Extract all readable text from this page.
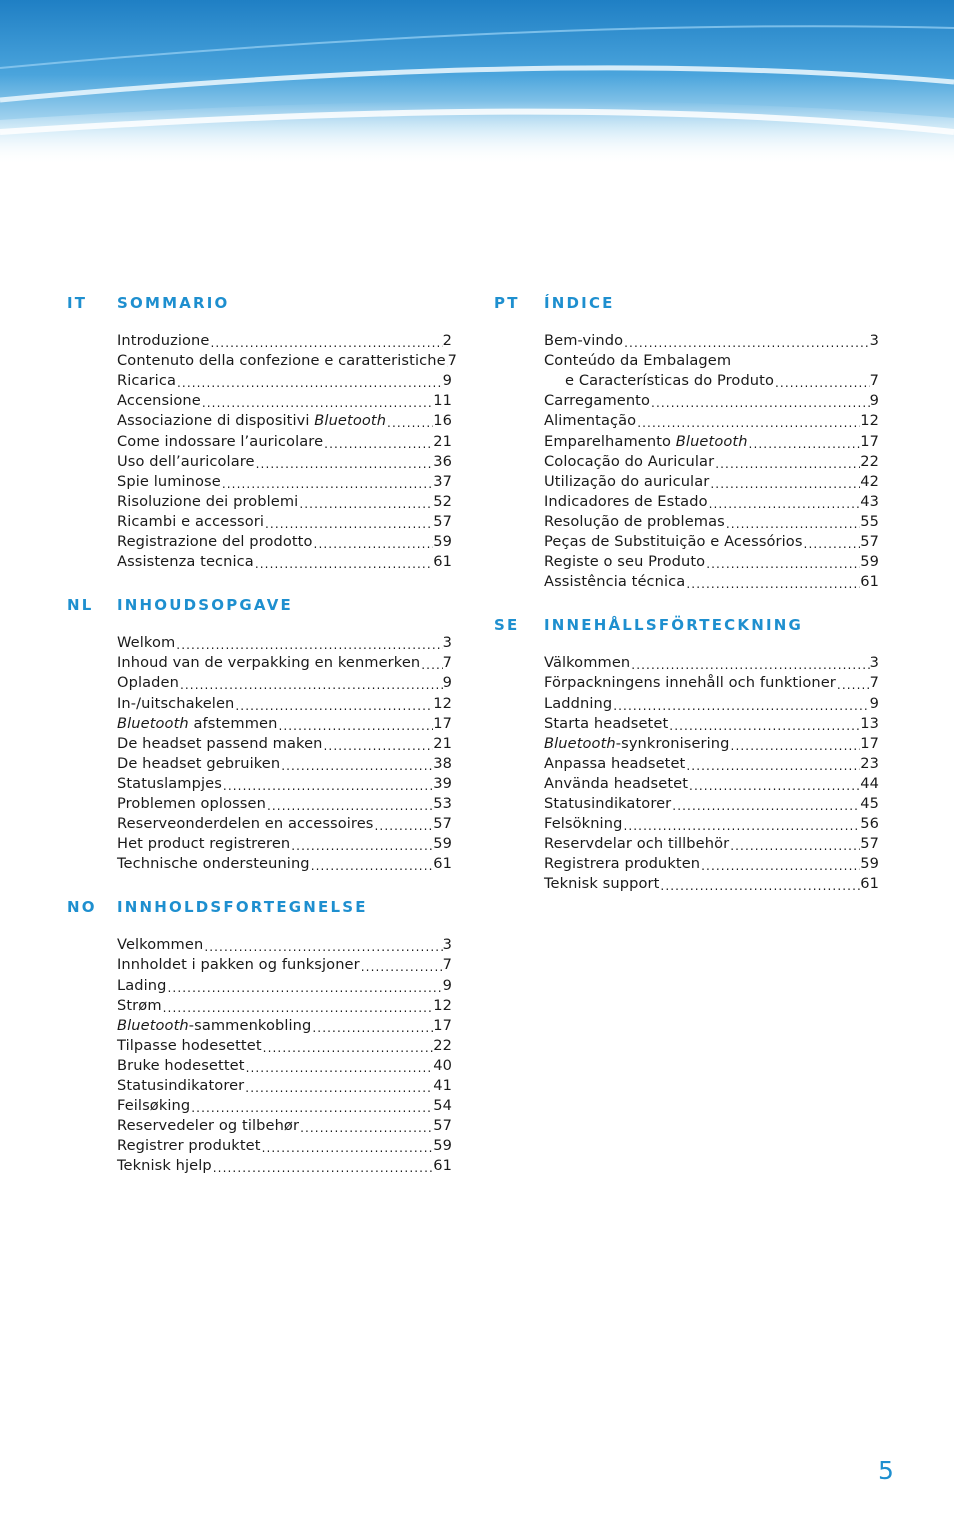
IT	SOMMARIO
Introduzione .....	2
Contenuto della confezione e caratteristiche ..... 7
Ricarica .....	9
Accensione .....	11
Associazione di dispositivi Bluetooth .....	16
Come indossare l’auricolare .....	21
Uso dell’auricolare .....	36
Spie luminose .....	37
Risoluzione dei problemi .....	52
Ricambi e accessori .....	57
Registrazione del prodotto .....	59
Assistenza tecnica .....	61
NL	INHOUDSOPGAVE
Welkom .....	3
Inhoud van de verpakking en kenmerken ..... 7
Opladen .....	9
In-/uitschakelen .....	12
Bluetooth afstemmen .....	17
De headset passend maken .....	21
De headset gebruiken .....	38
Statuslampjes .....	39
Problemen oplossen .....	53
Reserveonderdelen en accessoires .....	57
Het product registreren .....	59
Technische ondersteuning .....	61
NO	INNHOLDSFORTEGNELSE
Velkommen .....	3
Innholdet i pakken og funksjoner .....	7
Lading .....	9
Strøm .....	12
Bluetooth-sammenkobling .....	17
Tilpasse hodesettet .....	22
Bruke hodesettet .....	40
Statusindikatorer .....	41
Feilsøking .....	54
Reservedeler og tilbehør .....	57
Registrer produktet .....	59
Teknisk hjelp .....	61
PT	ÍNDICE
Bem-vindo .....	3
Conteúdo da Embalagem
e Características do Produto .....	7
Carregamento .....	9
Alimentação .....	12
Emparelhamento Bluetooth .....	17
Colocação do Auricular .....	22
Utilização do auricular .....	42
Indicadores de Estado .....	43
Resolução de problemas .....	55
Peças de Substituição e Acessórios .....	57
Registe o seu Produto .....	59
Assistência técnica .....	61
SE	INNEHÅLLSFÖRTECKNING
Välkommen .....	3
Förpackningens innehåll och funktioner ..... 7
Laddning .....	9
Starta headsetet .....	13
Bluetooth-synkronisering .....	17
Anpassa headsetet .....	23
Använda headsetet .....	44
Statusindikatorer .....	45
Felsökning .....	56
Reservdelar och tillbehör .....	57
Registrera produkten .....	59
Teknisk support .....	61
5
